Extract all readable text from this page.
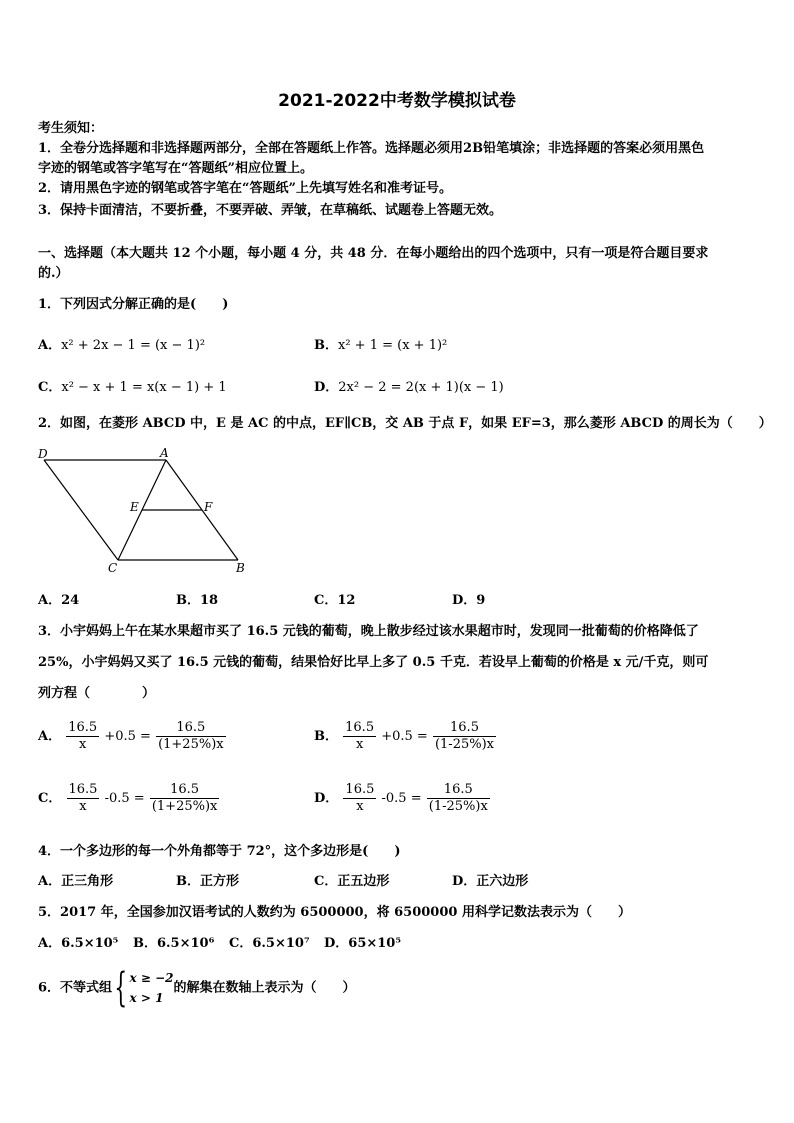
2021-2022中考数学模拟试卷
考生须知：
1．全卷分选择题和非选择题两部分，全部在答题纸上作答。选择题必须用2B铅笔填涂；非选择题的答案必须用黑色
字迹的钢笔或答字笔写在“答题纸”相应位置上。
2．请用黑色字迹的钢笔或答字笔在“答题纸”上先填写姓名和准考证号。
3．保持卡面清洁，不要折叠，不要弄破、弄皱，在草稿纸、试题卷上答题无效。
一、选择题（本大题共 12 个小题，每小题 4 分，共 48 分．在每小题给出的四个选项中，只有一项是符合题目要求
的.）
1．下列因式分解正确的是(　　)
A．x² + 2x − 1 = (x − 1)²	B．x² + 1 = (x + 1)²
C．x² − x + 1 = x(x − 1) + 1	D．2x² − 2 = 2(x + 1)(x − 1)
2．如图，在菱形 ABCD 中，E 是 AC 的中点，EF∥CB，交 AB 于点 F，如果 EF=3，那么菱形 ABCD 的周长为（　　）
D	A
E	F
C	B
A．24	B．18	C．12	D．9
3．小宇妈妈上午在某水果超市买了 16.5 元钱的葡萄，晚上散步经过该水果超市时，发现同一批葡萄的价格降低了
25%，小宇妈妈又买了 16.5 元钱的葡萄，结果恰好比早上多了 0.5 千克．若设早上葡萄的价格是 x 元/千克，则可
列方程（　　　　）
A． $\frac{16.5}{x} +0.5 = \frac{16.5}{(1+25\%)x}$	B． $\frac{16.5}{x} +0.5 = \frac{16.5}{(1-25\%)x}$
C． $\frac{16.5}{x} -0.5 = \frac{16.5}{(1+25\%)x}$	D． $\frac{16.5}{x} -0.5 = \frac{16.5}{(1-25\%)x}$
4．一个多边形的每一个外角都等于 72°，这个多边形是(　　)
A．正三角形	B．正方形	C．正五边形	D．正六边形
5．2017 年，全国参加汉语考试的人数约为 6500000，将 6500000 用科学记数法表示为（　　）
A．6.5×10⁵ B．6.5×10⁶ C．6.5×10⁷ D．65×10⁵
6．不等式组{ x ≥ −2
x > 1
的解集在数轴上表示为（　　）
